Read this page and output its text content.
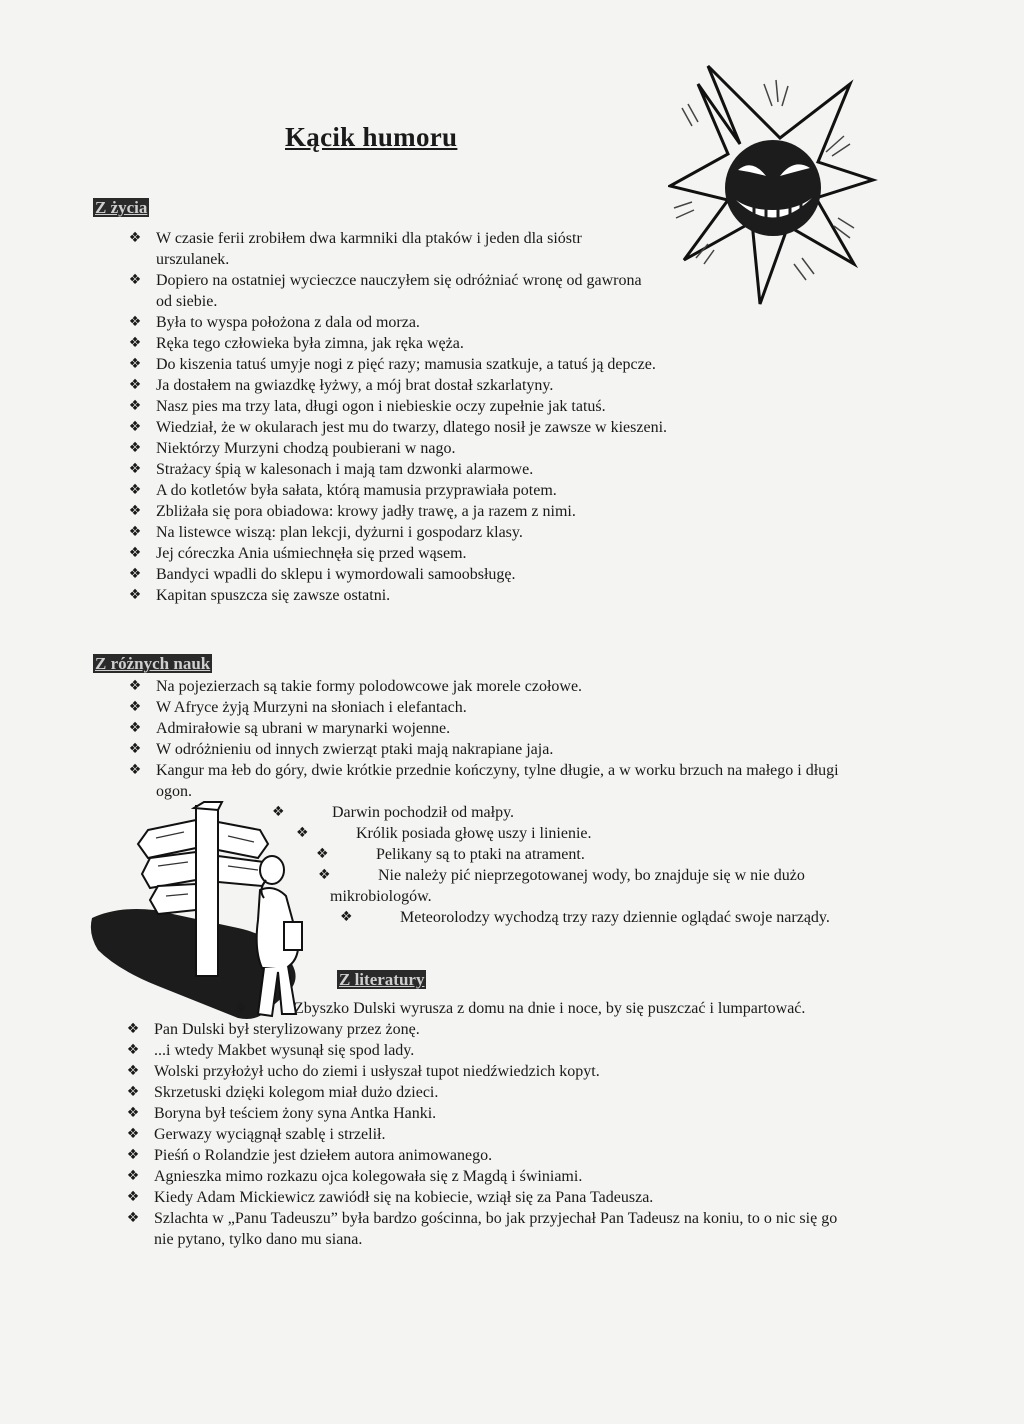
Kącik humoru
Z życia
❖ W czasie ferii zrobiłem dwa karmniki dla ptaków i jeden dla sióstr urszulanek.
❖ Dopiero na ostatniej wycieczce nauczyłem się odróżniać wronę od gawrona od siebie.
❖ Była to wyspa położona z dala od morza.
❖ Ręka tego człowieka była zimna, jak ręka węża.
❖ Do kiszenia tatuś umyje nogi z pięć razy; mamusia szatkuje, a tatuś ją depcze.
❖ Ja dostałem na gwiazdkę łyżwy, a mój brat dostał szkarlatyny.
❖ Nasz pies ma trzy lata, długi ogon i niebieskie oczy zupełnie jak tatuś.
❖ Wiedział, że w okularach jest mu do twarzy, dlatego nosił je zawsze w kieszeni.
❖ Niektórzy Murzyni chodzą poubierani w nago.
❖ Strażacy śpią w kalesonach i mają tam dzwonki alarmowe.
❖ A do kotletów była sałata, którą mamusia przyprawiała potem.
❖ Zbliżała się pora obiadowa: krowy jadły trawę, a ja razem z nimi.
❖ Na listewce wiszą: plan lekcji, dyżurni i gospodarz klasy.
❖ Jej córeczka Ania uśmiechnęła się przed wąsem.
❖ Bandyci wpadli do sklepu i wymordowali samoobsługę.
❖ Kapitan spuszcza się zawsze ostatni.
Z różnych nauk
❖ Na pojezierzach są takie formy polodowcowe jak morele czołowe.
❖ W Afryce żyją Murzyni na słoniach i elefantach.
❖ Admirałowie są ubrani w marynarki wojenne.
❖ W odróżnieniu od innych zwierząt ptaki mają nakrapiane jaja.
❖ Kangur ma łeb do góry, dwie krótkie przednie kończyny, tylne długie, a w worku brzuch na małego i długi ogon.
❖	Darwin pochodził od małpy.
❖	Królik posiada głowę uszy i linienie.
❖	Pelikany są to ptaki na atrament.
❖	Nie należy pić nieprzegotowanej wody, bo znajduje się w nie dużo mikrobiologów.
❖	Meteorolodzy wychodzą trzy razy dziennie oglądać swoje narządy.
Z literatury
❖	Zbyszko Dulski wyrusza z domu na dnie i noce, by się puszczać i lumpartować.
❖ Pan Dulski był sterylizowany przez żonę.
❖ ...i wtedy Makbet wysunął się spod lady.
❖ Wolski przyłożył ucho do ziemi i usłyszał tupot niedźwiedzich kopyt.
❖ Skrzetuski dzięki kolegom miał dużo dzieci.
❖ Boryna był teściem żony syna Antka Hanki.
❖ Gerwazy wyciągnął szablę i strzelił.
❖ Pieśń o Rolandzie jest dziełem autora animowanego.
❖ Agnieszka mimo rozkazu ojca kolegowała się z Magdą i świniami.
❖ Kiedy Adam Mickiewicz zawiódł się na kobiecie, wziął się za Pana Tadeusza.
❖ Szlachta w „Panu Tadeuszu” była bardzo gościnna, bo jak przyjechał Pan Tadeusz na koniu, to o nic się go nie pytano, tylko dano mu siana.
